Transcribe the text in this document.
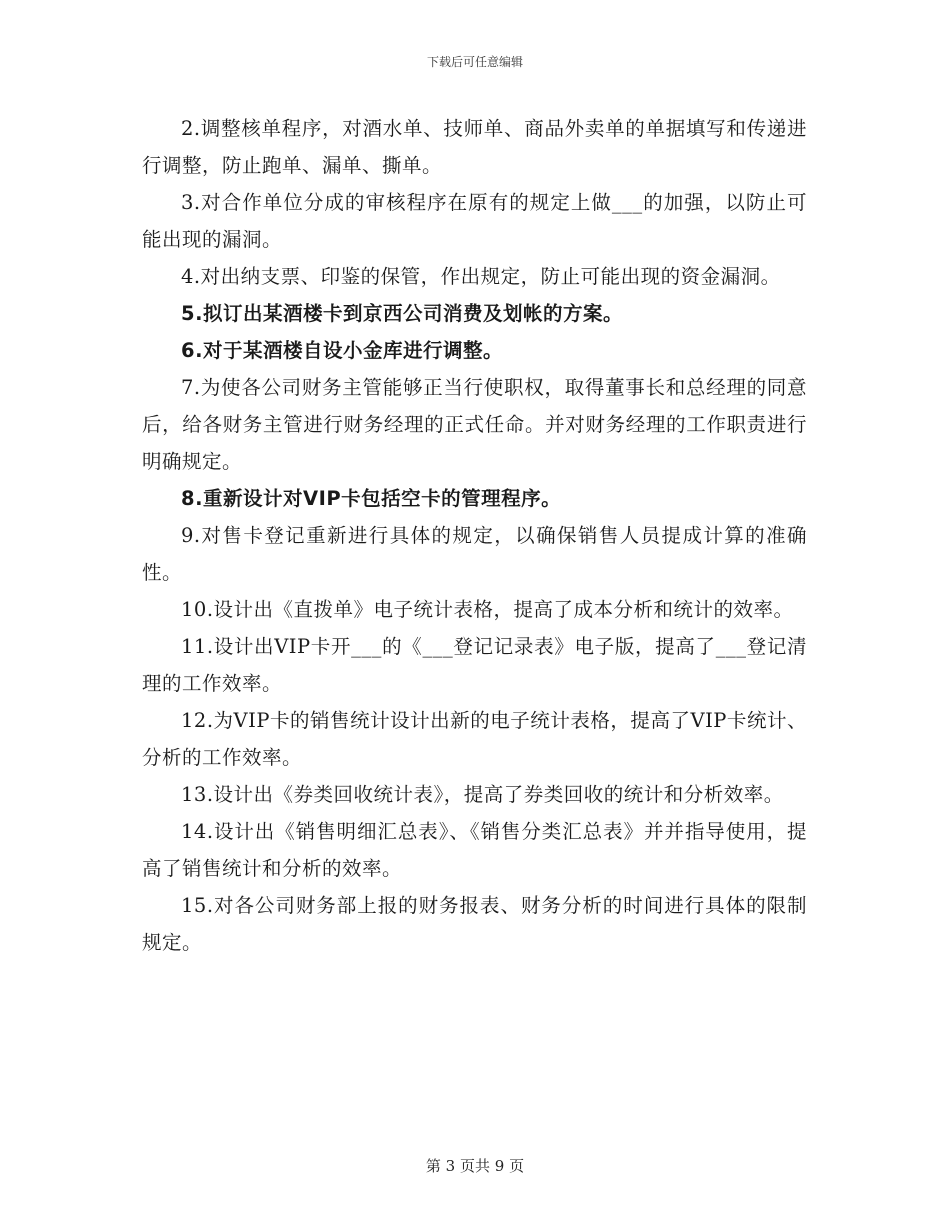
下载后可任意编辑

2.调整核单程序，对酒水单、技师单、商品外卖单的单据填写和传递进行调整，防止跑单、漏单、撕单。

3.对合作单位分成的审核程序在原有的规定上做___的加强，以防止可能出现的漏洞。

4.对出纳支票、印鉴的保管，作出规定，防止可能出现的资金漏洞。

5.拟订出某酒楼卡到京西公司消费及划帐的方案。

6.对于某酒楼自设小金库进行调整。

7.为使各公司财务主管能够正当行使职权，取得董事长和总经理的同意后，给各财务主管进行财务经理的正式任命。并对财务经理的工作职责进行明确规定。

8.重新设计对VIP卡包括空卡的管理程序。

9.对售卡登记重新进行具体的规定，以确保销售人员提成计算的准确性。

10.设计出《直拨单》电子统计表格，提高了成本分析和统计的效率。

11.设计出VIP卡开___的《___登记记录表》电子版，提高了___登记清理的工作效率。

12.为VIP卡的销售统计设计出新的电子统计表格，提高了VIP卡统计、分析的工作效率。

13.设计出《券类回收统计表》，提高了券类回收的统计和分析效率。

14.设计出《销售明细汇总表》、《销售分类汇总表》并并指导使用，提高了销售统计和分析的效率。

15.对各公司财务部上报的财务报表、财务分析的时间进行具体的限制规定。

第 3 页共 9 页
